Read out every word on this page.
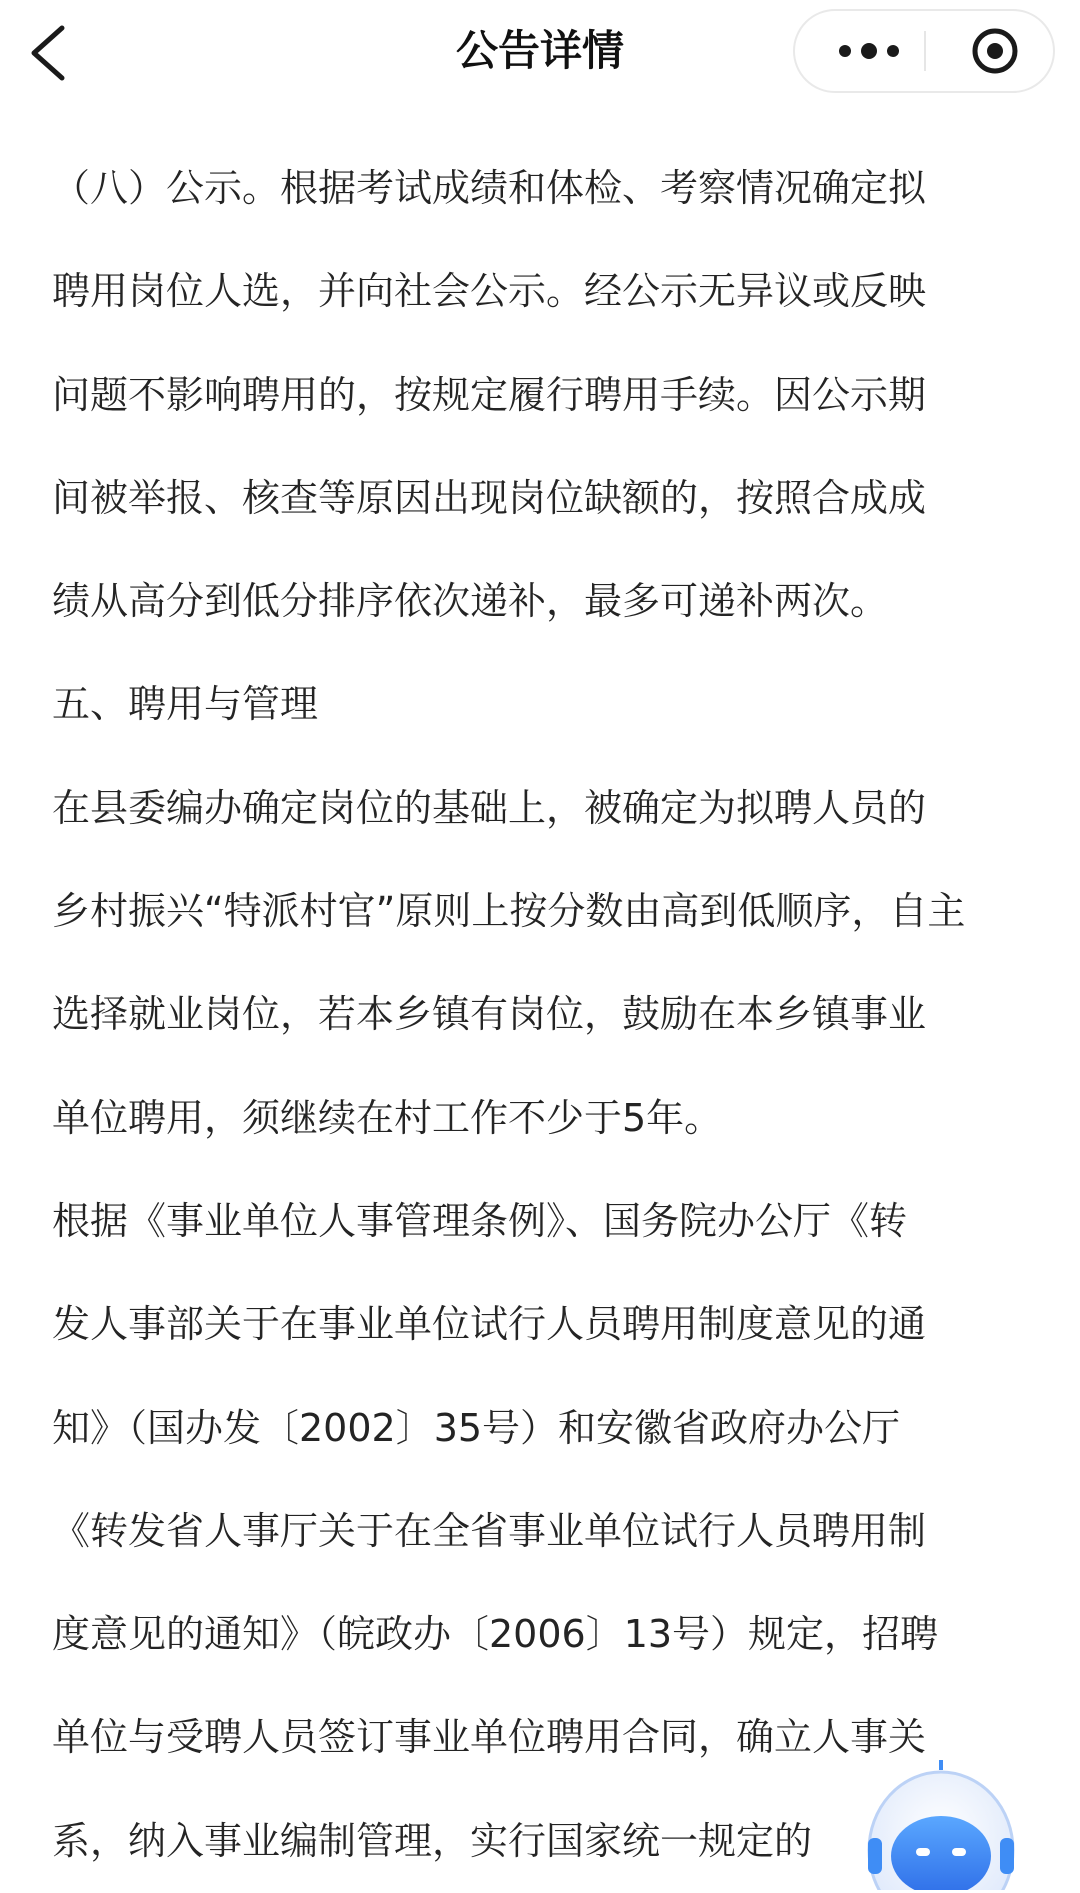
公告详情

（八）公示。根据考试成绩和体检、考察情况确定拟

聘用岗位人选，并向社会公示。经公示无异议或反映

问题不影响聘用的，按规定履行聘用手续。因公示期

间被举报、核查等原因出现岗位缺额的，按照合成成

绩从高分到低分排序依次递补，最多可递补两次。

五、聘用与管理

在县委编办确定岗位的基础上，被确定为拟聘人员的

乡村振兴“特派村官”原则上按分数由高到低顺序，自主

选择就业岗位，若本乡镇有岗位，鼓励在本乡镇事业

单位聘用，须继续在村工作不少于5年。

根据《事业单位人事管理条例》、国务院办公厅《转

发人事部关于在事业单位试行人员聘用制度意见的通

知》（国办发〔2002〕35号）和安徽省政府办公厅

《转发省人事厅关于在全省事业单位试行人员聘用制

度意见的通知》（皖政办〔2006〕13号）规定，招聘

单位与受聘人员签订事业单位聘用合同，确立人事关

系，纳入事业编制管理，实行国家统一规定的
